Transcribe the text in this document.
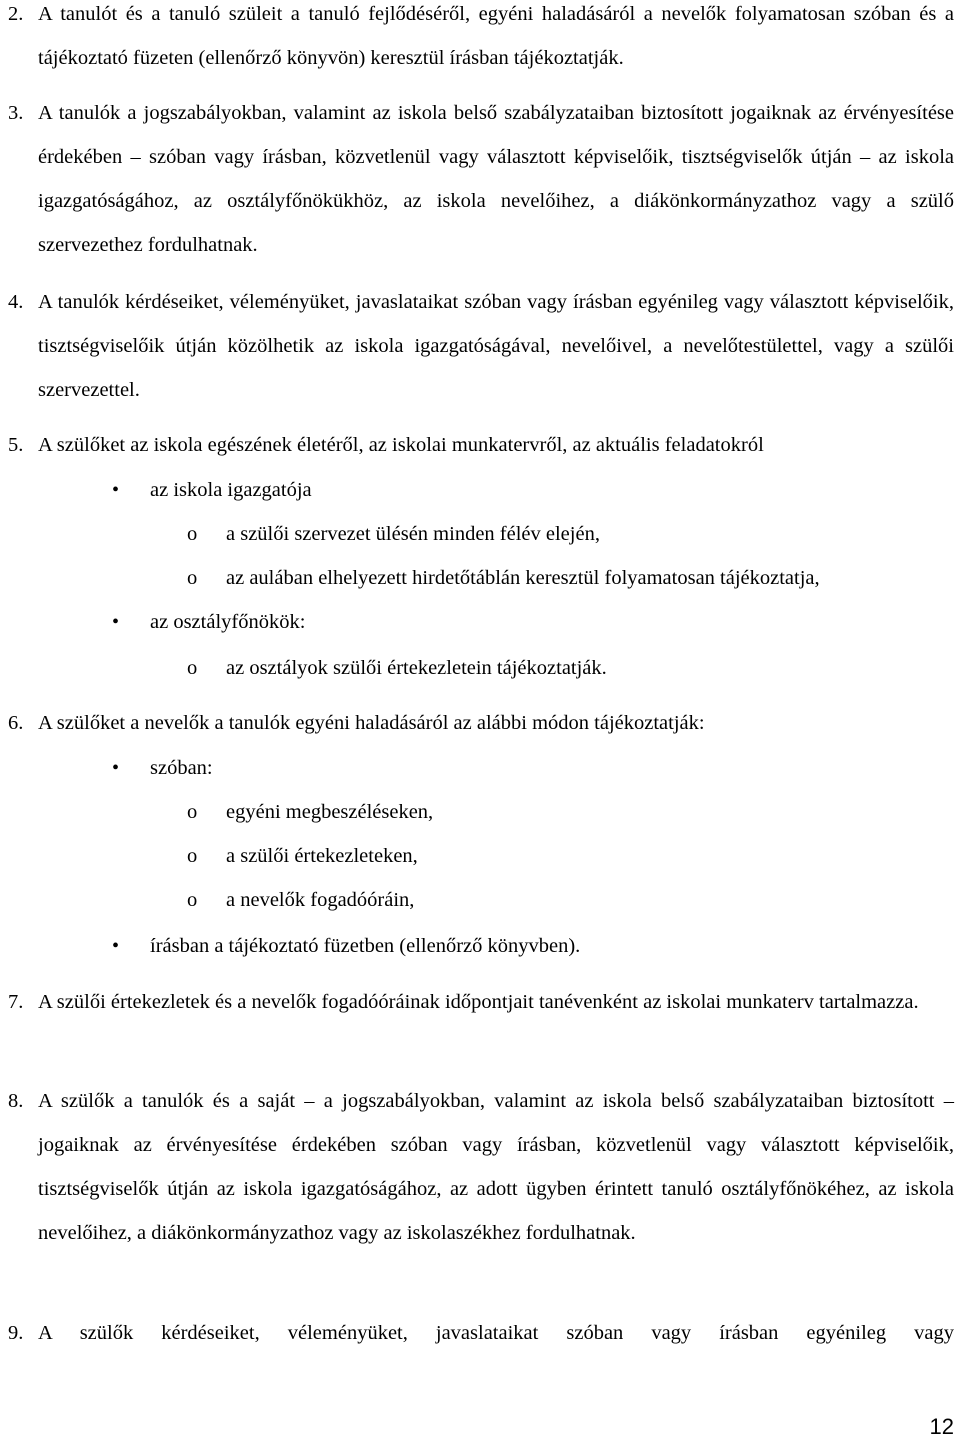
2. A tanulót és a tanuló szüleit a tanuló fejlődéséről, egyéni haladásáról a nevelők folyamatosan szóban és a tájékoztató füzeten (ellenőrző könyvön) keresztül írásban tájékoztatják.

3. A tanulók a jogszabályokban, valamint az iskola belső szabályzataiban biztosított jogaiknak az érvényesítése érdekében – szóban vagy írásban, közvetlenül vagy választott képviselőik, tisztségviselők útján – az iskola igazgatóságához, az osztályfőnökükhöz, az iskola nevelőihez, a diákönkormányzathoz vagy a szülő szervezethez fordulhatnak.

4. A tanulók kérdéseiket, véleményüket, javaslataikat szóban vagy írásban egyénileg vagy választott képviselőik, tisztségviselőik útján közölhetik az iskola igazgatóságával, nevelőivel, a nevelőtestülettel, vagy a szülői szervezettel.

5. A szülőket az iskola egészének életéről, az iskolai munkatervről, az aktuális feladatokról

• az iskola igazgatója
o a szülői szervezet ülésén minden félév elején,
o az aulában elhelyezett hirdetőtáblán keresztül folyamatosan tájékoztatja,
• az osztályfőnökök:
o az osztályok szülői értekezletein tájékoztatják.

6. A szülőket a nevelők a tanulók egyéni haladásáról az alábbi módon tájékoztatják:

• szóban:
o egyéni megbeszéléseken,
o a szülői értekezleteken,
o a nevelők fogadóóráin,
• írásban a tájékoztató füzetben (ellenőrző könyvben).

7. A szülői értekezletek és a nevelők fogadóóráinak időpontjait tanévenként az iskolai munkaterv tartalmazza.

8. A szülők a tanulók és a saját – a jogszabályokban, valamint az iskola belső szabályzataiban biztosított – jogaiknak az érvényesítése érdekében szóban vagy írásban, közvetlenül vagy választott képviselőik, tisztségviselők útján az iskola igazgatóságához, az adott ügyben érintett tanuló osztályfőnökéhez, az iskola nevelőihez, a diákönkormányzathoz vagy az iskolaszékhez fordulhatnak.

9. A szülők kérdéseiket, véleményüket, javaslataikat szóban vagy írásban egyénileg vagy

12
